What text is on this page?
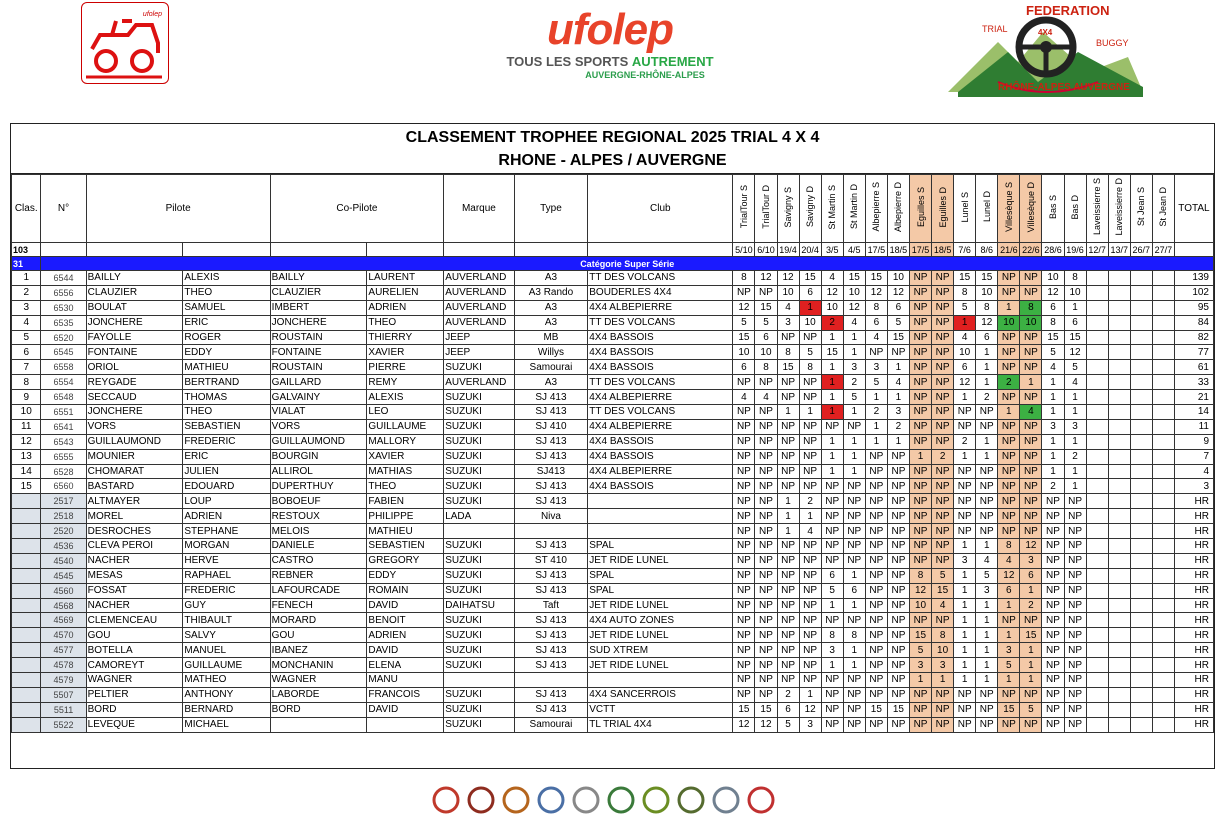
ufolep	ufolep
TOUS LES SPORTS AUTREMENT
AUVERGNE-RHÔNE-ALPES
FEDERATION
TRIAL	4X4
BUGGY
RHÔNE-ALPES AUVERGNE
CLASSEMENT TROPHEE REGIONAL 2025 TRIAL 4 X 4
RHONE - ALPES / AUVERGNE
Clas.	N°	Pilote		Co-Pilote		Marque	Type	Club	TrialTour S	TrialTour D	Savigny S	Savigny D	St Martin S	St Martin D	Albepierre S	Albepierre D	Eguilles S	Eguilles D	Lunel S	Lunel D	Villesèque S	Villesèque D	Bas S	Bas D	Laveissierre S	Laveissierre D	St Jean S	St Jean D	TOTAL
103									5/10	6/10	19/4	20/4	3/5	4/5	17/5	18/5	17/5	18/5	7/6	8/6	21/6	22/6	28/6	19/6	12/7	13/7	26/7	27/7	
31	Catégorie Super Série																												
1	6544	BAILLY	ALEXIS	BAILLY	LAURENT	AUVERLAND	A3	TT DES VOLCANS	8	12	12	15	4	15	15	10	NP	NP	15	15	NP	NP	10	8					139
2	6556	CLAUZIER	THEO	CLAUZIER	AURELIEN	AUVERLAND	A3 Rando	BOUDERLES 4X4	NP	NP	10	6	12	10	12	12	NP	NP	8	10	NP	NP	12	10					102
3	6530	BOULAT	SAMUEL	IMBERT	ADRIEN	AUVERLAND	A3	4X4 ALBEPIERRE	12	15	4	1	10	12	8	6	NP	NP	5	8	1	8	6	1					95
4	6535	JONCHERE	ERIC	JONCHERE	THEO	AUVERLAND	A3	TT DES VOLCANS	5	5	3	10	2	4	6	5	NP	NP	1	12	10	10	8	6					84
5	6520	FAYOLLE	ROGER	ROUSTAIN	THIERRY	JEEP	MB	4X4 BASSOIS	15	6	NP	NP	1	1	4	15	NP	NP	4	6	NP	NP	15	15					82
6	6545	FONTAINE	EDDY	FONTAINE	XAVIER	JEEP	Willys	4X4 BASSOIS	10	10	8	5	15	1	NP	NP	NP	NP	10	1	NP	NP	5	12					77
7	6558	ORIOL	MATHIEU	ROUSTAIN	PIERRE	SUZUKI	Samourai	4X4 BASSOIS	6	8	15	8	1	3	3	1	NP	NP	6	1	NP	NP	4	5					61
8	6554	REYGADE	BERTRAND	GAILLARD	REMY	AUVERLAND	A3	TT DES VOLCANS	NP	NP	NP	NP	1	2	5	4	NP	NP	12	1	2	1	1	4					33
9	6548	SECCAUD	THOMAS	GALVAINY	ALEXIS	SUZUKI	SJ 413	4X4 ALBEPIERRE	4	4	NP	NP	1	5	1	1	NP	NP	1	2	NP	NP	1	1					21
10	6551	JONCHERE	THEO	VIALAT	LEO	SUZUKI	SJ 413	TT DES VOLCANS	NP	NP	1	1	1	1	2	3	NP	NP	NP	NP	1	4	1	1					14
11	6541	VORS	SEBASTIEN	VORS	GUILLAUME	SUZUKI	SJ 410	4X4 ALBEPIERRE	NP	NP	NP	NP	NP	NP	1	2	NP	NP	NP	NP	NP	NP	3	3					11
12	6543	GUILLAUMOND	FREDERIC	GUILLAUMOND	MALLORY	SUZUKI	SJ 413	4X4 BASSOIS	NP	NP	NP	NP	1	1	1	1	NP	NP	2	1	NP	NP	1	1					9
13	6555	MOUNIER	ERIC	BOURGIN	XAVIER	SUZUKI	SJ 413	4X4 BASSOIS	NP	NP	NP	NP	1	1	NP	NP	1	2	1	1	NP	NP	1	2					7
14	6528	CHOMARAT	JULIEN	ALLIROL	MATHIAS	SUZUKI	SJ413	4X4 ALBEPIERRE	NP	NP	NP	NP	1	1	NP	NP	NP	NP	NP	NP	NP	NP	1	1					4
15	6560	BASTARD	EDOUARD	DUPERTHUY	THEO	SUZUKI	SJ 413	4X4 BASSOIS	NP	NP	NP	NP	NP	NP	NP	NP	NP	NP	NP	NP	NP	NP	2	1					3
	2517	ALTMAYER	LOUP	BOBOEUF	FABIEN	SUZUKI	SJ 413		NP	NP	1	2	NP	NP	NP	NP	NP	NP	NP	NP	NP	NP	NP	NP					HR
	2518	MOREL	ADRIEN	RESTOUX	PHILIPPE	LADA	Niva		NP	NP	1	1	NP	NP	NP	NP	NP	NP	NP	NP	NP	NP	NP	NP					HR
	2520	DESROCHES	STEPHANE	MELOIS	MATHIEU				NP	NP	1	4	NP	NP	NP	NP	NP	NP	NP	NP	NP	NP	NP	NP					HR
	4536	CLEVA PEROI	MORGAN	DANIELE	SEBASTIEN	SUZUKI	SJ 413	SPAL	NP	NP	NP	NP	NP	NP	NP	NP	NP	NP	1	1	8	12	NP	NP					HR
	4540	NACHER	HERVE	CASTRO	GREGORY	SUZUKI	ST 410	JET RIDE LUNEL	NP	NP	NP	NP	NP	NP	NP	NP	NP	NP	3	4	4	3	NP	NP					HR
	4545	MESAS	RAPHAEL	REBNER	EDDY	SUZUKI	SJ 413	SPAL	NP	NP	NP	NP	6	1	NP	NP	8	5	1	5	12	6	NP	NP					HR
	4560	FOSSAT	FREDERIC	LAFOURCADE	ROMAIN	SUZUKI	SJ 413	SPAL	NP	NP	NP	NP	5	6	NP	NP	12	15	1	3	6	1	NP	NP					HR
	4568	NACHER	GUY	FENECH	DAVID	DAIHATSU	Taft	JET RIDE LUNEL	NP	NP	NP	NP	1	1	NP	NP	10	4	1	1	1	2	NP	NP					HR
	4569	CLEMENCEAU	THIBAULT	MORARD	BENOIT	SUZUKI	SJ 413	4X4 AUTO ZONES	NP	NP	NP	NP	NP	NP	NP	NP	NP	NP	1	1	NP	NP	NP	NP					HR
	4570	GOU	SALVY	GOU	ADRIEN	SUZUKI	SJ 413	JET RIDE LUNEL	NP	NP	NP	NP	8	8	NP	NP	15	8	1	1	1	15	NP	NP					HR
	4577	BOTELLA	MANUEL	IBANEZ	DAVID	SUZUKI	SJ 413	SUD XTREM	NP	NP	NP	NP	3	1	NP	NP	5	10	1	1	3	1	NP	NP					HR
	4578	CAMOREYT	GUILLAUME	MONCHANIN	ELENA	SUZUKI	SJ 413	JET RIDE LUNEL	NP	NP	NP	NP	1	1	NP	NP	3	3	1	1	5	1	NP	NP					HR
	4579	WAGNER	MATHEO	WAGNER	MANU				NP	NP	NP	NP	NP	NP	NP	NP	1	1	1	1	1	1	NP	NP					HR
	5507	PELTIER	ANTHONY	LABORDE	FRANCOIS	SUZUKI	SJ 413	4X4 SANCERROIS	NP	NP	2	1	NP	NP	NP	NP	NP	NP	NP	NP	NP	NP	NP	NP					HR
	5511	BORD	BERNARD	BORD	DAVID	SUZUKI	SJ 413	VCTT	15	15	6	12	NP	NP	15	15	NP	NP	NP	NP	15	5	NP	NP					HR
	5522	LEVEQUE	MICHAEL			SUZUKI	Samourai	TL TRIAL 4X4	12	12	5	3	NP	NP	NP	NP	NP	NP	NP	NP	NP	NP	NP	NP					HR
